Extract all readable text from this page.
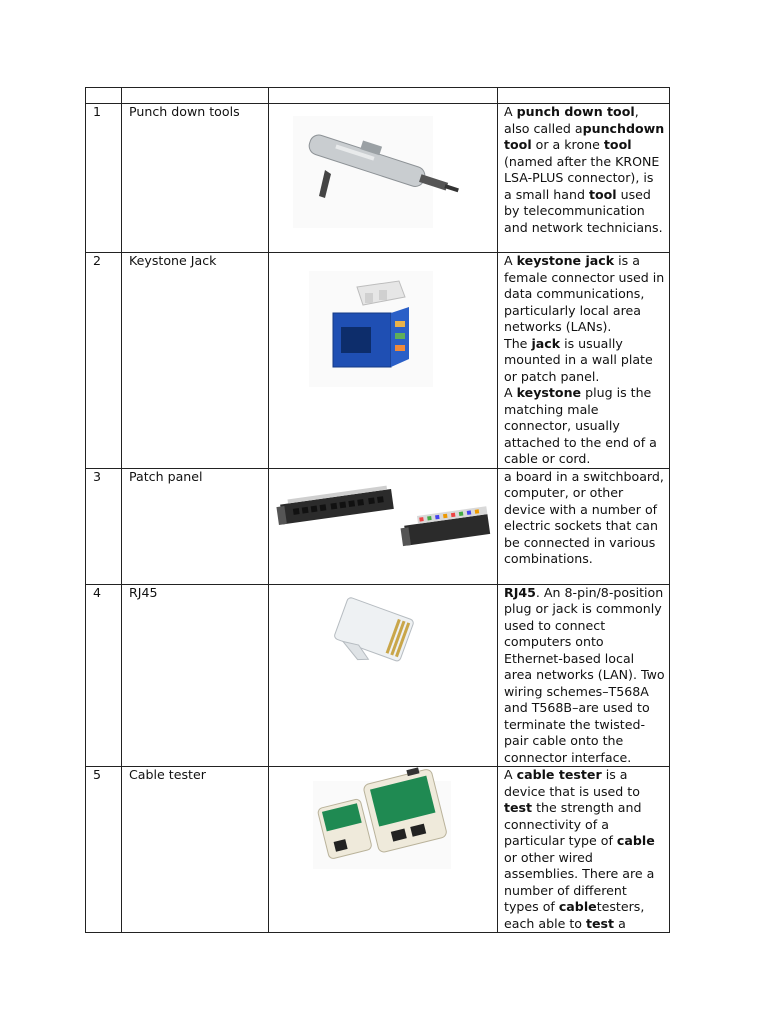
1	Punch down tools		A punch down tool, also called apunchdown tool or a krone tool (named after the KRONE LSA-PLUS connector), is a small hand tool used by telecommunication and network technicians.
2	Keystone Jack		A keystone jack is a female connector used in data communications, particularly local area networks (LANs).
The jack is usually mounted in a wall plate or patch panel.
A keystone plug is the matching male connector, usually attached to the end of a cable or cord.
3	Patch panel		a board in a switchboard, computer, or other device with a number of electric sockets that can be connected in various combinations.
4	RJ45		RJ45. An 8-pin/8-position plug or jack is commonly used to connect computers onto Ethernet-based local area networks (LAN). Two wiring schemes–T568A and T568B–are used to terminate the twisted-pair cable onto the connector interface.
5	Cable tester		A cable tester is a device that is used to test the strength and connectivity of a particular type of cable or other wired assemblies. There are a number of different types of cabletesters, each able to test a
